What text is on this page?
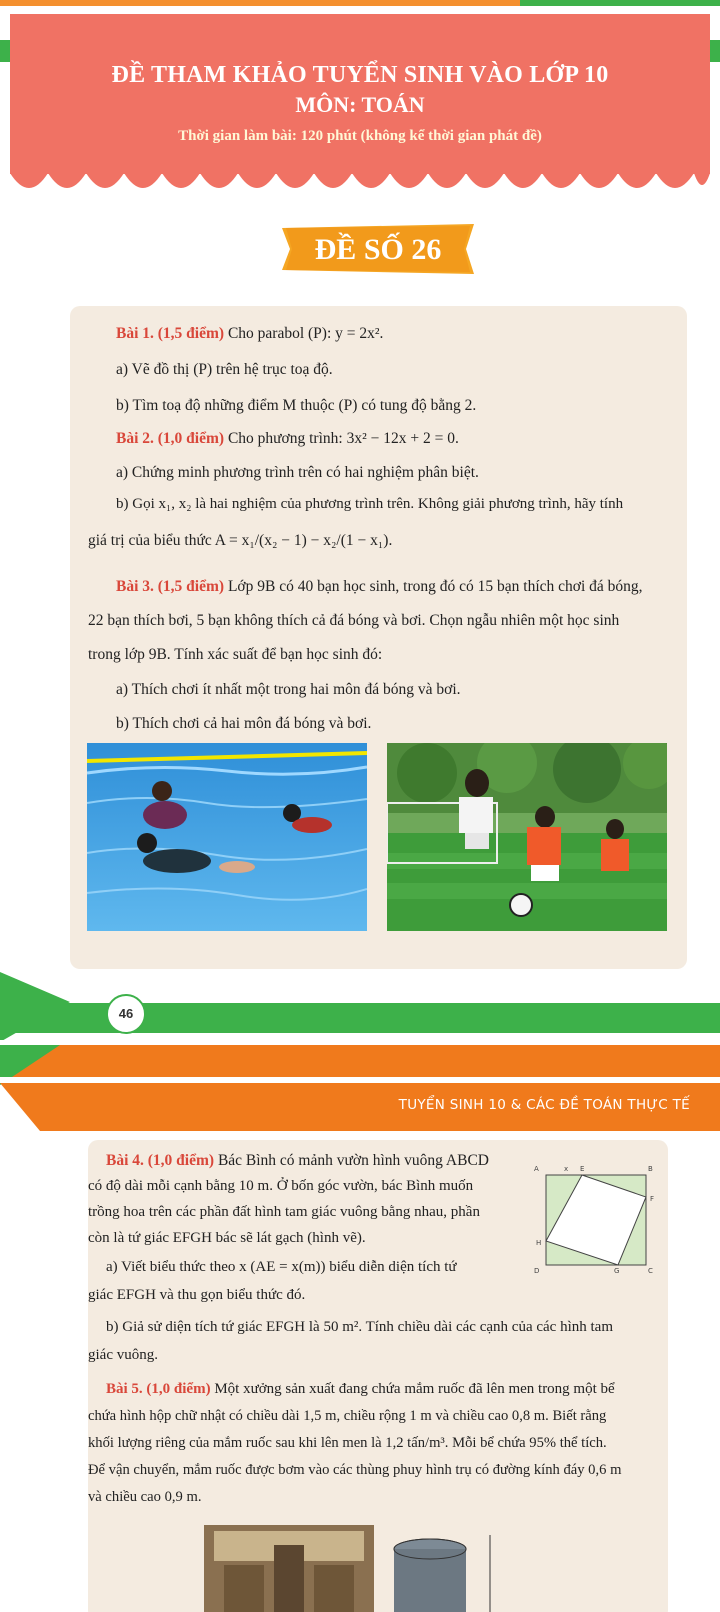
ĐỀ THAM KHẢO TUYỂN SINH VÀO LỚP 10
MÔN: TOÁN
Thời gian làm bài: 120 phút (không kể thời gian phát đề)
ĐỀ SỐ 26
Bài 1. (1,5 điểm) Cho parabol (P): y = 2x².
a) Vẽ đồ thị (P) trên hệ trục toạ độ.
b) Tìm toạ độ những điểm M thuộc (P) có tung độ bằng 2.
Bài 2. (1,0 điểm) Cho phương trình: 3x² − 12x + 2 = 0.
a) Chứng minh phương trình trên có hai nghiệm phân biệt.
b) Gọi x₁, x₂ là hai nghiệm của phương trình trên. Không giải phương trình, hãy tính
giá trị của biểu thức A = x₁/(x₂ − 1) − x₂/(1 − x₁).
Bài 3. (1,5 điểm) Lớp 9B có 40 bạn học sinh, trong đó có 15 bạn thích chơi đá bóng,
22 bạn thích bơi, 5 bạn không thích cả đá bóng và bơi. Chọn ngẫu nhiên một học sinh
trong lớp 9B. Tính xác suất để bạn học sinh đó:
a) Thích chơi ít nhất một trong hai môn đá bóng và bơi.
b) Thích chơi cả hai môn đá bóng và bơi.
46
TUYỂN SINH 10 & CÁC ĐỀ TOÁN THỰC TẾ
Bài 4. (1,0 điểm) Bác Bình có mảnh vườn hình vuông ABCD
có độ dài mỗi cạnh bằng 10 m. Ở bốn góc vườn, bác Bình muốn
trồng hoa trên các phần đất hình tam giác vuông bằng nhau, phần
còn là tứ giác EFGH bác sẽ lát gạch (hình vẽ).
a) Viết biểu thức theo x (AE = x(m)) biểu diễn diện tích tứ
giác EFGH và thu gọn biểu thức đó.
b) Giả sử diện tích tứ giác EFGH là 50 m². Tính chiều dài các cạnh của các hình tam
giác vuông.
A	x E	B
H
F
D	G	C
Bài 5. (1,0 điểm) Một xưởng sản xuất đang chứa mắm ruốc đã lên men trong một bể
chứa hình hộp chữ nhật có chiều dài 1,5 m, chiều rộng 1 m và chiều cao 0,8 m. Biết rằng
khối lượng riêng của mắm ruốc sau khi lên men là 1,2 tấn/m³. Mỗi bể chứa 95% thể tích.
Để vận chuyển, mắm ruốc được bơm vào các thùng phuy hình trụ có đường kính đáy 0,6 m
và chiều cao 0,9 m.
